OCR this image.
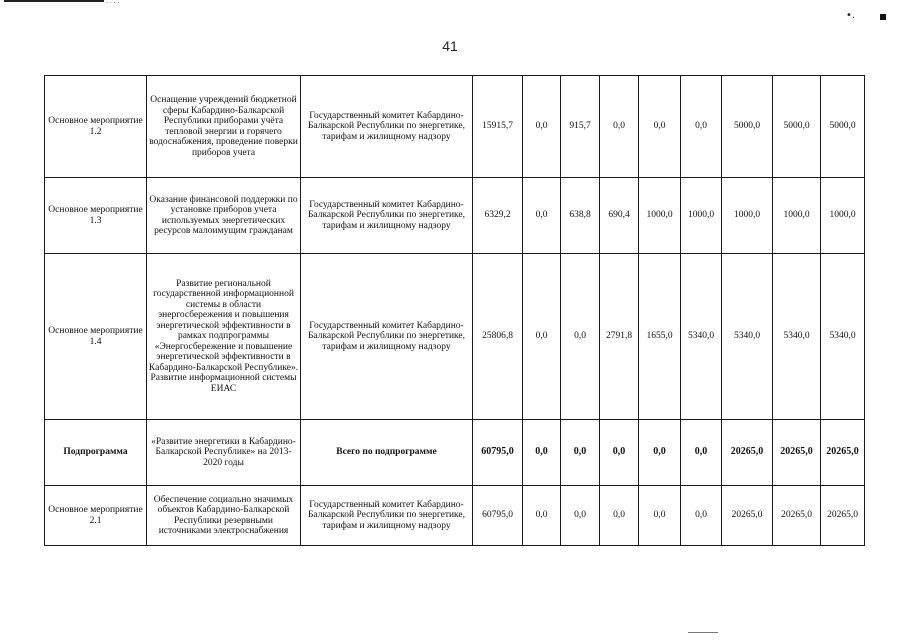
. . . .
•.
41
Основное мероприятие 1.2	Оснащение учреждений бюджетной сферы Кабардино-Балкарской Республики приборами учёта тепловой энергии и горячего водоснабжения, проведение поверки приборов учета	Государственный комитет Кабардино-Балкарской Республики по энергетике, тарифам и жилищному надзору	15915,7	0,0	915,7	0,0	0,0	0,0	5000,0	5000,0	5000,0
Основное мероприятие 1.3	Оказание финансовой поддержки по установке приборов учета используемых энергетических ресурсов малоимущим гражданам	Государственный комитет Кабардино-Балкарской Республики по энергетике, тарифам и жилищному надзору	6329,2	0,0	638,8	690,4	1000,0	1000,0	1000,0	1000,0	1000,0
Основное мероприятие 1.4	Развитие региональной государственной информационной системы в области энергосбережения и повышения энергетической эффективности в рамках подпрограммы «Энергосбережение и повышение энергетической эффективности в Кабардино-Балкарской Республике». Развитие информационной системы ЕИАС	Государственный комитет Кабардино-Балкарской Республики по энергетике, тарифам и жилищному надзору	25806,8	0,0	0,0	2791,8	1655,0	5340,0	5340,0	5340,0	5340,0
Подпрограмма	«Развитие энергетики в Кабардино-Балкарской Республике» на 2013-2020 годы	Всего по подпрограмме	60795,0	0,0	0,0	0,0	0,0	0,0	20265,0	20265,0	20265,0
Основное мероприятие 2.1	Обеспечение социально значимых объектов Кабардино-Балкарской Республики резервными источниками электроснабжения	Государственный комитет Кабардино-Балкарской Республики по энергетике, тарифам и жилищному надзору	60795,0	0,0	0,0	0,0	0,0	0,0	20265,0	20265,0	20265,0
